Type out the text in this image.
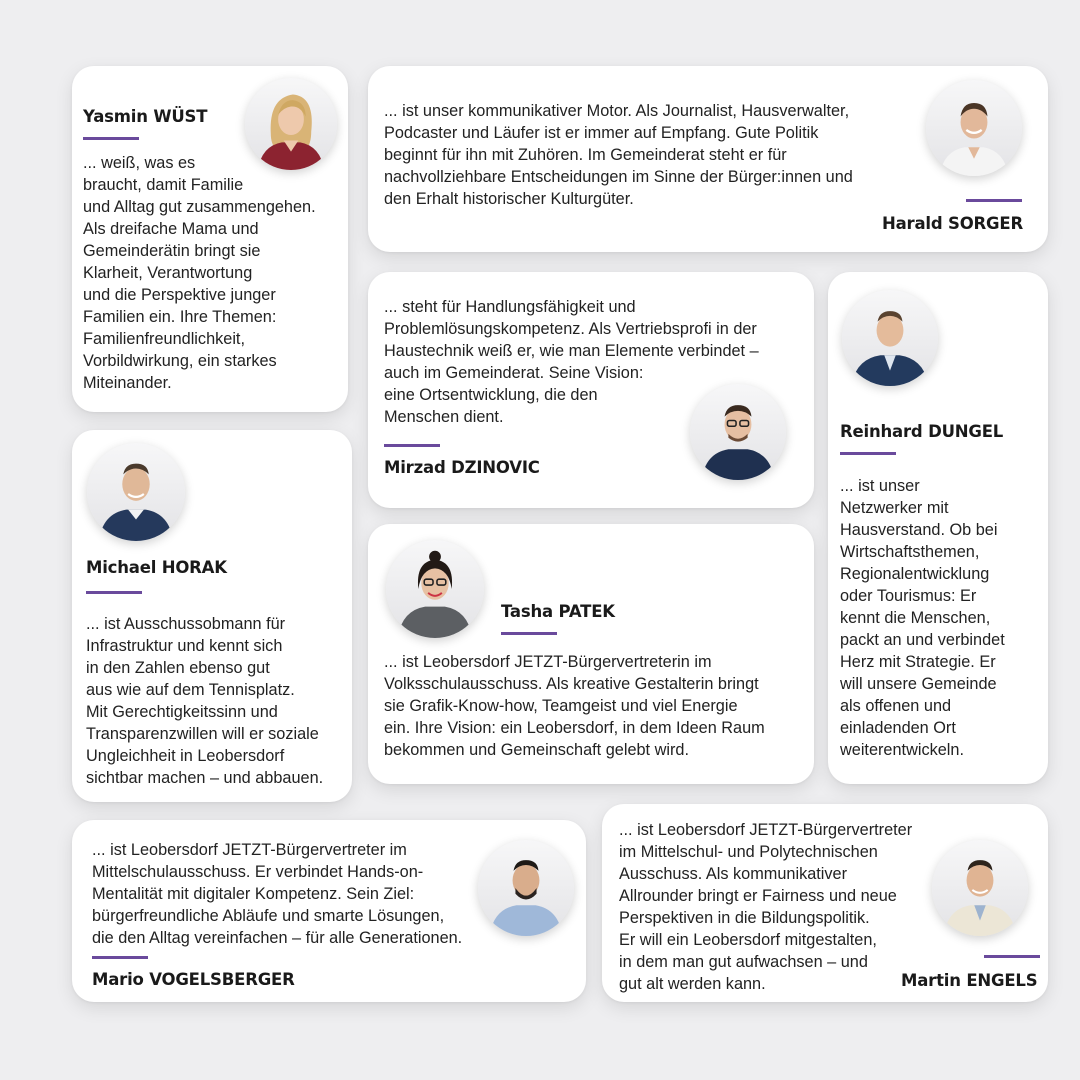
Yasmin WÜST
... weiß, was es
braucht, damit Familie
und Alltag gut zusammengehen.
Als dreifache Mama und
Gemeinderätin bringt sie
Klarheit, Verantwortung
und die Perspektive junger
Familien ein. Ihre Themen:
Familienfreundlichkeit,
Vorbildwirkung, ein starkes
Miteinander.
... ist unser kommunikativer Motor. Als Journalist, Hausverwalter,
Podcaster und Läufer ist er immer auf Empfang. Gute Politik
beginnt für ihn mit Zuhören. Im Gemeinderat steht er für
nachvollziehbare Entscheidungen im Sinne der Bürger:innen und
den Erhalt historischer Kulturgüter.
Harald SORGER
... steht für Handlungsfähigkeit und
Problemlösungskompetenz. Als Vertriebsprofi in der
Haustechnik weiß er, wie man Elemente verbindet –
auch im Gemeinderat. Seine Vision:
eine Ortsentwicklung, die den
Menschen dient.
Mirzad DZINOVIC
Reinhard DUNGEL
... ist unser
Netzwerker mit
Hausverstand. Ob bei
Wirtschaftsthemen,
Regionalentwicklung
oder Tourismus: Er
kennt die Menschen,
packt an und verbindet
Herz mit Strategie. Er
will unsere Gemeinde
als offenen und
einladenden Ort
weiterentwickeln.
Michael HORAK
... ist Ausschussobmann für
Infrastruktur und kennt sich
in den Zahlen ebenso gut
aus wie auf dem Tennisplatz.
Mit Gerechtigkeitssinn und
Transparenzwillen will er soziale
Ungleichheit in Leobersdorf
sichtbar machen – und abbauen.
Tasha PATEK
... ist Leobersdorf JETZT-Bürgervertreterin im
Volksschulausschuss. Als kreative Gestalterin bringt
sie Grafik-Know-how, Teamgeist und viel Energie
ein. Ihre Vision: ein Leobersdorf, in dem Ideen Raum
bekommen und Gemeinschaft gelebt wird.
... ist Leobersdorf JETZT-Bürgervertreter im
Mittelschulausschuss. Er verbindet Hands-on-
Mentalität mit digitaler Kompetenz. Sein Ziel:
bürgerfreundliche Abläufe und smarte Lösungen,
die den Alltag vereinfachen – für alle Generationen.
Mario VOGELSBERGER
... ist Leobersdorf JETZT-Bürgervertreter
im Mittelschul- und Polytechnischen
Ausschuss. Als kommunikativer
Allrounder bringt er Fairness und neue
Perspektiven in die Bildungspolitik.
Er will ein Leobersdorf mitgestalten,
in dem man gut aufwachsen – und
gut alt werden kann.	Martin ENGELS
